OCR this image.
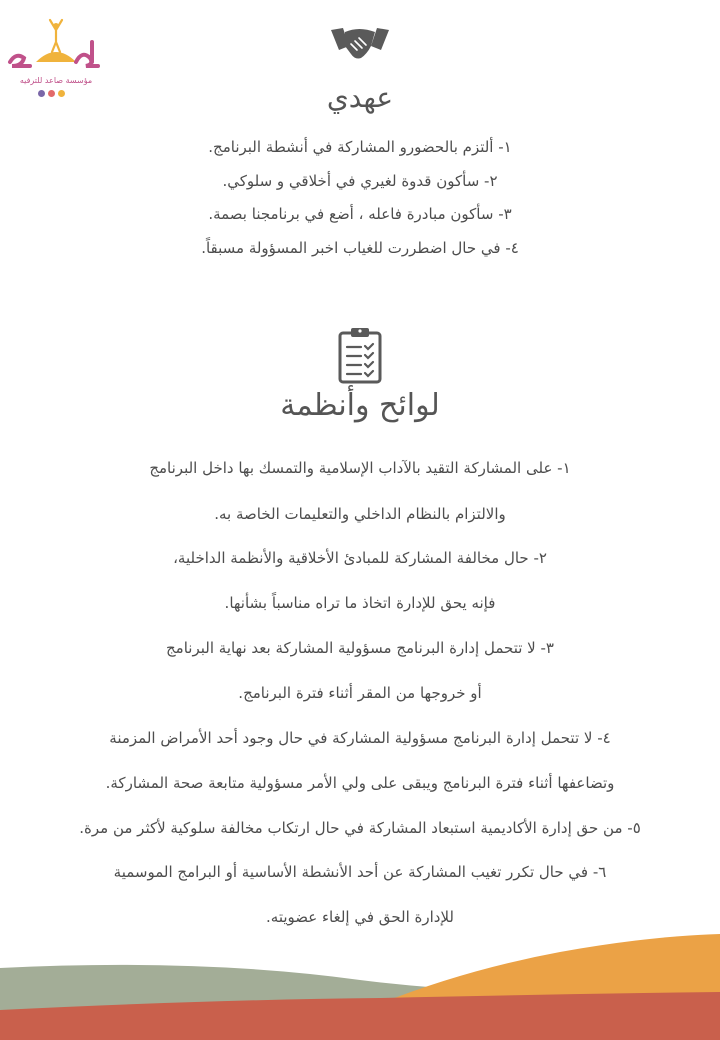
مؤسسة صاعد للترفيه
عهدي
١- ألتزم بالحضورو المشاركة في أنشطة البرنامج.
٢- سأكون قدوة لغيري في أخلاقي و سلوكي.
٣- سأكون مبادرة فاعله ، أضع في برنامجنا بصمة.
٤- في حال اضطررت للغياب اخبر المسؤولة مسبقاً.
لوائح وأنظمة
١- على المشاركة التقيد بالآداب الإسلامية والتمسك بها داخل البرنامج
والالتزام بالنظام الداخلي والتعليمات الخاصة به.
٢- حال مخالفة المشاركة للمبادئ الأخلاقية والأنظمة الداخلية،
فإنه يحق للإدارة اتخاذ ما تراه مناسباً بشأنها.
٣- لا تتحمل إدارة البرنامج مسؤولية المشاركة بعد نهاية البرنامج
أو خروجها من المقر أثناء فترة البرنامج.
٤- لا تتحمل إدارة البرنامج مسؤولية المشاركة في حال وجود أحد الأمراض المزمنة
وتضاعفها أثناء فترة البرنامج ويبقى على ولي الأمر مسؤولية متابعة صحة المشاركة.
٥- من حق إدارة الأكاديمية استبعاد المشاركة في حال ارتكاب مخالفة سلوكية لأكثر من مرة.
٦- في حال تكرر تغيب المشاركة عن أحد الأنشطة الأساسية أو البرامج الموسمية
للإدارة الحق في إلغاء عضويته.
